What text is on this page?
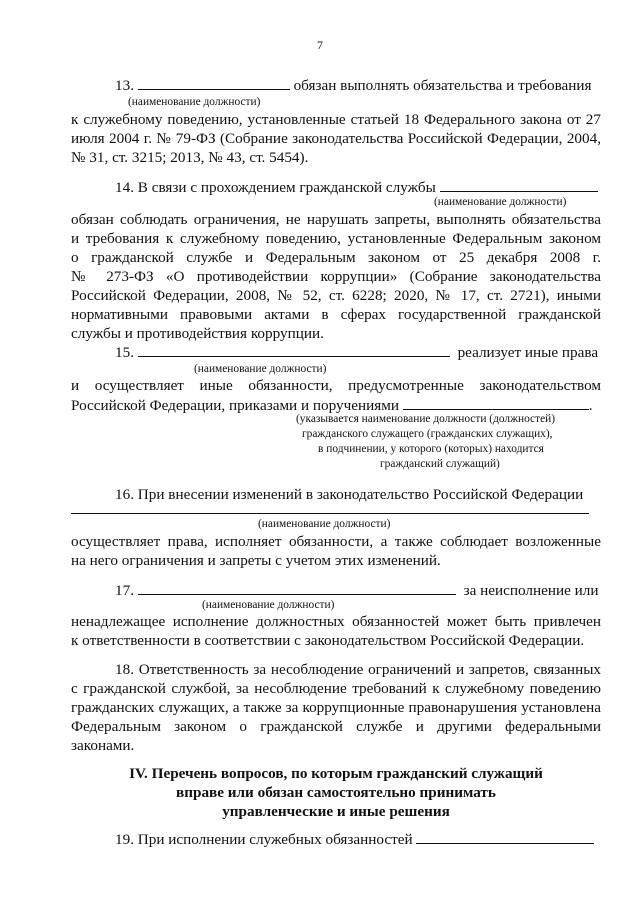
7
13.	обязан выполнять обязательства и требования
(наименование должности)
к служебному поведению, установленные статьей 18 Федерального закона от 27
июля 2004 г. № 79-ФЗ (Собрание законодательства Российской Федерации, 2004,
№ 31, ст. 3215; 2013, № 43, ст. 5454).
14. В связи с прохождением гражданской службы
(наименование должности)
обязан соблюдать ограничения, не нарушать запреты, выполнять обязательства
и требования к служебному поведению, установленные Федеральным законом
о гражданской службе и Федеральным законом от 25 декабря 2008 г.
№ 273-ФЗ «О противодействии коррупции» (Собрание законодательства
Российской Федерации, 2008, № 52, ст. 6228; 2020, № 17, ст. 2721), иными
нормативными правовыми актами в сферах государственной гражданской
службы и противодействия коррупции.
15.	реализует иные права
(наименование должности)
и осуществляет иные обязанности, предусмотренные законодательством
Российской Федерации, приказами и поручениями	.
(указывается наименование должности (должностей)
гражданского служащего (гражданских служащих),
в подчинении, у которого (которых) находится
гражданский служащий)
16. При внесении изменений в законодательство Российской Федерации
(наименование должности)
осуществляет права, исполняет обязанности, а также соблюдает возложенные
на него ограничения и запреты с учетом этих изменений.
17.	за неисполнение или
(наименование должности)
ненадлежащее исполнение должностных обязанностей может быть привлечен
к ответственности в соответствии с законодательством Российской Федерации.
18. Ответственность за несоблюдение ограничений и запретов, связанных
с гражданской службой, за несоблюдение требований к служебному поведению
гражданских служащих, а также за коррупционные правонарушения установлена
Федеральным законом о гражданской службе и другими федеральными
законами.
IV. Перечень вопросов, по которым гражданский служащий
вправе или обязан самостоятельно принимать
управленческие и иные решения
19. При исполнении служебных обязанностей
